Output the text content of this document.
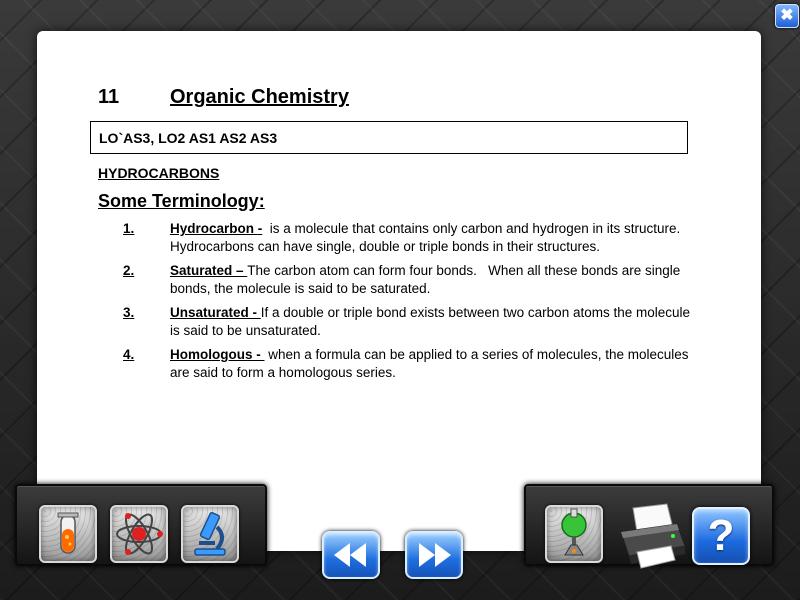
✖
11	Organic Chemistry
LO`AS3, LO2 AS1 AS2 AS3
HYDROCARBONS
Some Terminology:
1.	Hydrocarbon -  is a molecule that contains only carbon and hydrogen in its structure.   Hydrocarbons can have single, double or triple bonds in their structures.
2.	Saturated – The carbon atom can form four bonds.   When all these bonds are single bonds, the molecule is said to be saturated.
3.	Unsaturated - If a double or triple bond exists between two carbon atoms the molecule is said to be unsaturated.
4.	Homologous -  when a formula can be applied to a series of molecules, the molecules are said to form a homologous series.
?
